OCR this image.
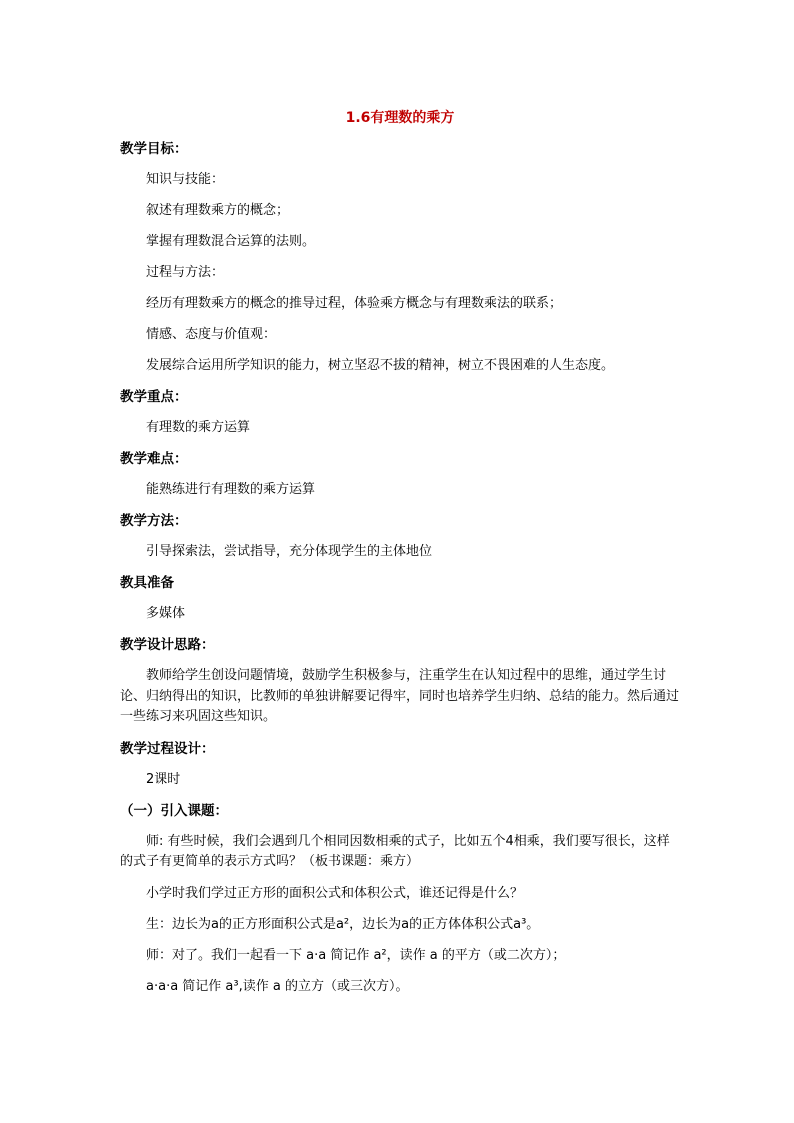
1.6有理数的乘方
教学目标：
知识与技能：
叙述有理数乘方的概念；
掌握有理数混合运算的法则。
过程与方法：
经历有理数乘方的概念的推导过程，体验乘方概念与有理数乘法的联系；
情感、态度与价值观：
发展综合运用所学知识的能力，树立坚忍不拔的精神，树立不畏困难的人生态度。
教学重点：
有理数的乘方运算
教学难点：
能熟练进行有理数的乘方运算
教学方法：
引导探索法，尝试指导，充分体现学生的主体地位
教具准备
多媒体
教学设计思路：
教师给学生创设问题情境，鼓励学生积极参与，注重学生在认知过程中的思维，通过学生讨论、归纳得出的知识，比教师的单独讲解要记得牢，同时也培养学生归纳、总结的能力。然后通过一些练习来巩固这些知识。
教学过程设计：
2课时
（一）引入课题：
师: 有些时候，我们会遇到几个相同因数相乘的式子，比如五个4相乘，我们要写很长，这样的式子有更简单的表示方式吗？（板书课题：乘方）
小学时我们学过正方形的面积公式和体积公式，谁还记得是什么？
生：边长为a的正方形面积公式是a²，边长为a的正方体体积公式a³。
师：对了。我们一起看一下 a·a 简记作 a²，读作 a 的平方（或二次方）；
a·a·a 简记作 a³,读作 a 的立方（或三次方）。
